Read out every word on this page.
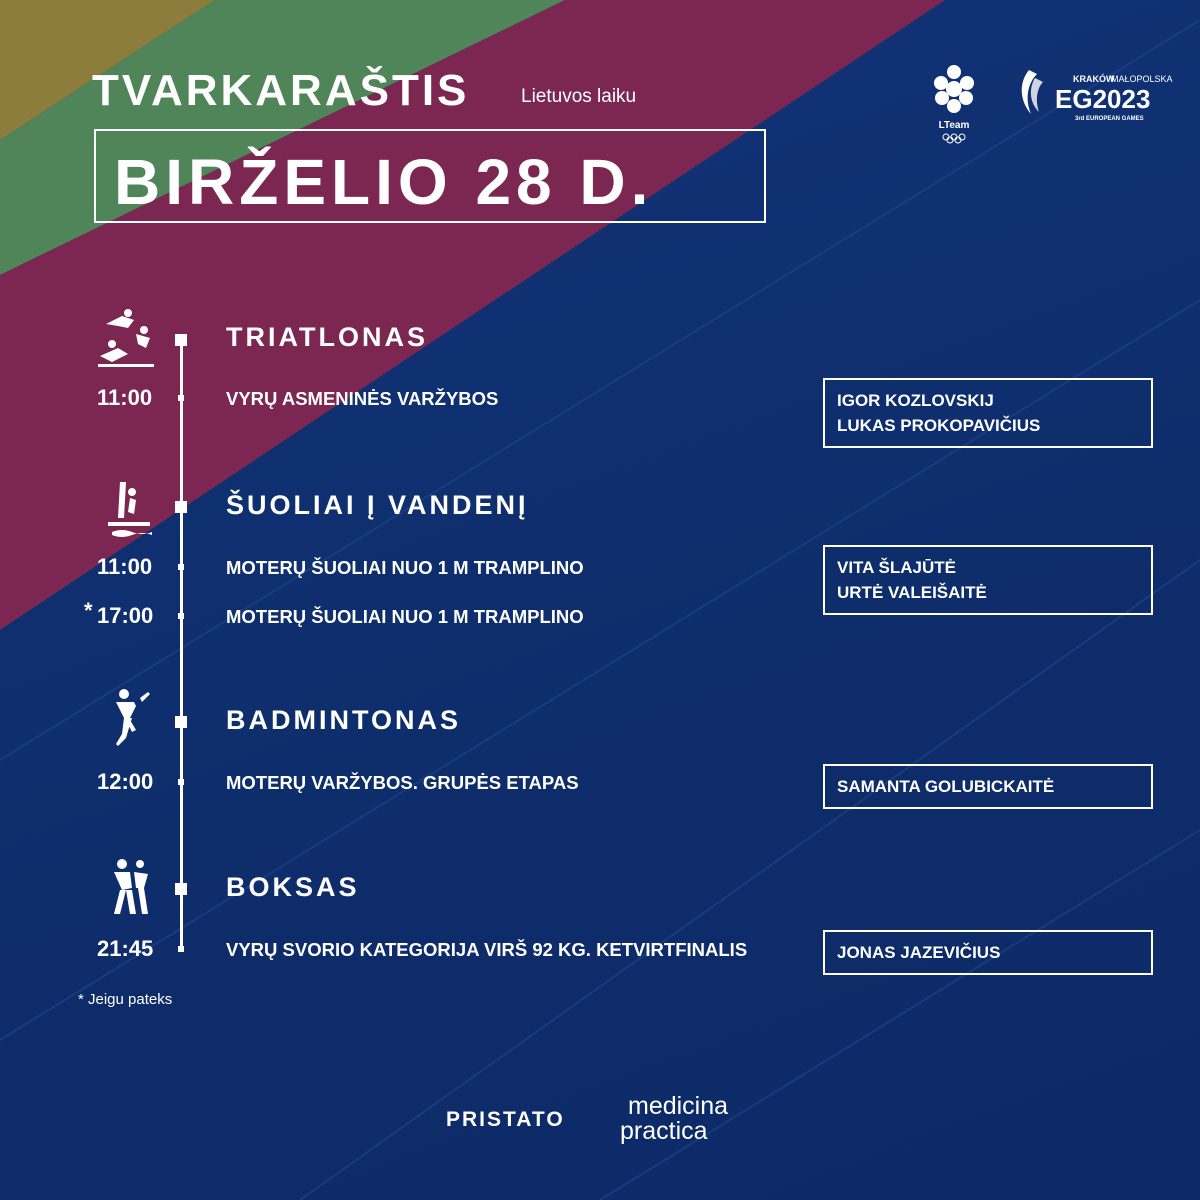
TVARKARAŠTIS	Lietuvos laiku
BIRŽELIO 28 D.
LTeam
KRAKÓW
MAŁOPOLSKA
EG2023
3rd EUROPEAN GAMES
TRIATLONAS
11:00	VYRŲ ASMENINĖS VARŽYBOS	IGOR KOZLOVSKIJ
LUKAS PROKOPAVIČIUS
ŠUOLIAI Į VANDENĮ
11:00	MOTERŲ ŠUOLIAI NUO 1 M TRAMPLINO
* 17:00	MOTERŲ ŠUOLIAI NUO 1 M TRAMPLINO
VITA ŠLAJŪTĖ
URTĖ VALEIŠAITĖ
BADMINTONAS
12:00	MOTERŲ VARŽYBOS. GRUPĖS ETAPAS	SAMANTA GOLUBICKAITĖ
BOKSAS
21:45	VYRŲ SVORIO KATEGORIJA VIRŠ 92 KG. KETVIRTFINALIS	JONAS JAZEVIČIUS
* Jeigu pateks
PRISTATO	medicina
practica
